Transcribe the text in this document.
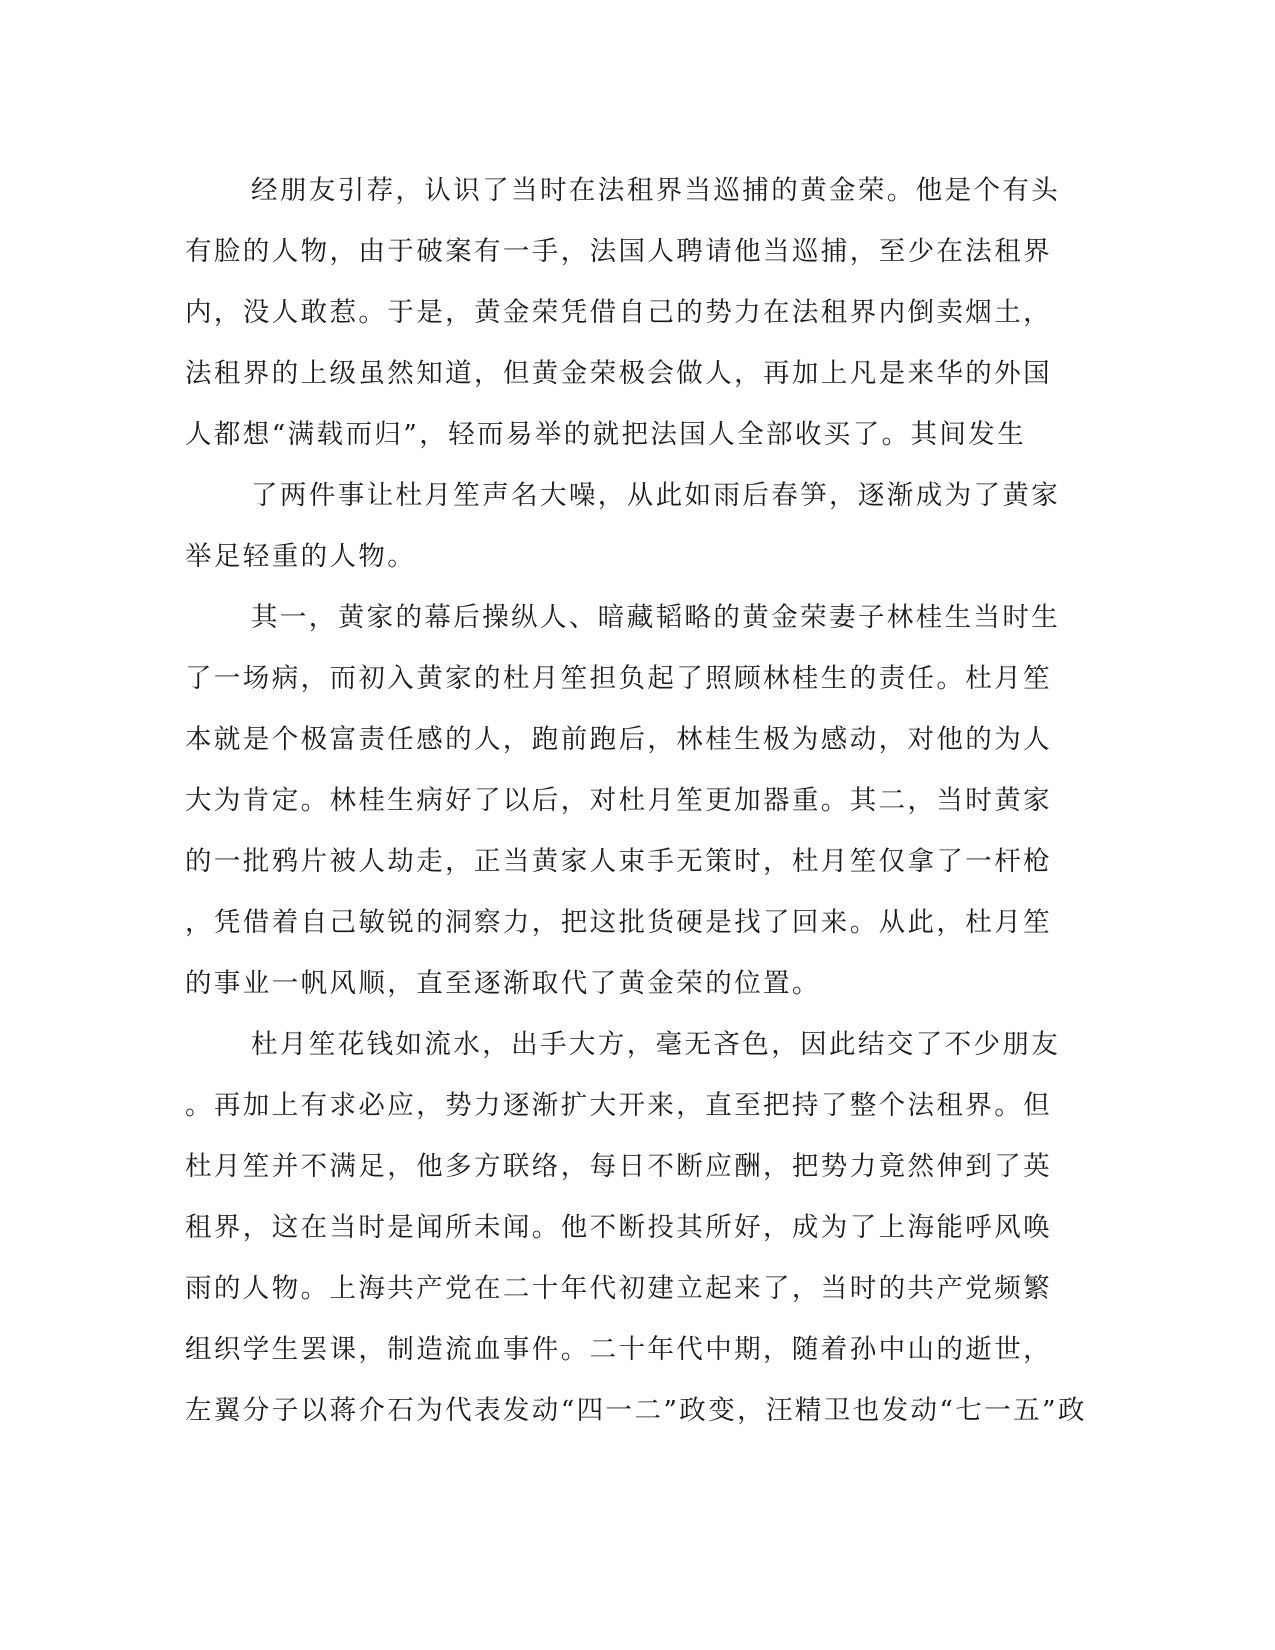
经朋友引荐，认识了当时在法租界当巡捕的黄金荣。他是个有头
有脸的人物，由于破案有一手，法国人聘请他当巡捕，至少在法租界
内，没人敢惹。于是，黄金荣凭借自己的势力在法租界内倒卖烟土，
法租界的上级虽然知道，但黄金荣极会做人，再加上凡是来华的外国
人都想“满载而归”，轻而易举的就把法国人全部收买了。其间发生
了两件事让杜月笙声名大噪，从此如雨后春笋，逐渐成为了黄家
举足轻重的人物。
其一，黄家的幕后操纵人、暗藏韬略的黄金荣妻子林桂生当时生
了一场病，而初入黄家的杜月笙担负起了照顾林桂生的责任。杜月笙
本就是个极富责任感的人，跑前跑后，林桂生极为感动，对他的为人
大为肯定。林桂生病好了以后，对杜月笙更加器重。其二，当时黄家
的一批鸦片被人劫走，正当黄家人束手无策时，杜月笙仅拿了一杆枪
，凭借着自己敏锐的洞察力，把这批货硬是找了回来。从此，杜月笙
的事业一帆风顺，直至逐渐取代了黄金荣的位置。
杜月笙花钱如流水，出手大方，毫无吝色，因此结交了不少朋友
。再加上有求必应，势力逐渐扩大开来，直至把持了整个法租界。但
杜月笙并不满足，他多方联络，每日不断应酬，把势力竟然伸到了英
租界，这在当时是闻所未闻。他不断投其所好，成为了上海能呼风唤
雨的人物。上海共产党在二十年代初建立起来了，当时的共产党频繁
组织学生罢课，制造流血事件。二十年代中期，随着孙中山的逝世，
左翼分子以蒋介石为代表发动“四一二”政变，汪精卫也发动“七一五”政
